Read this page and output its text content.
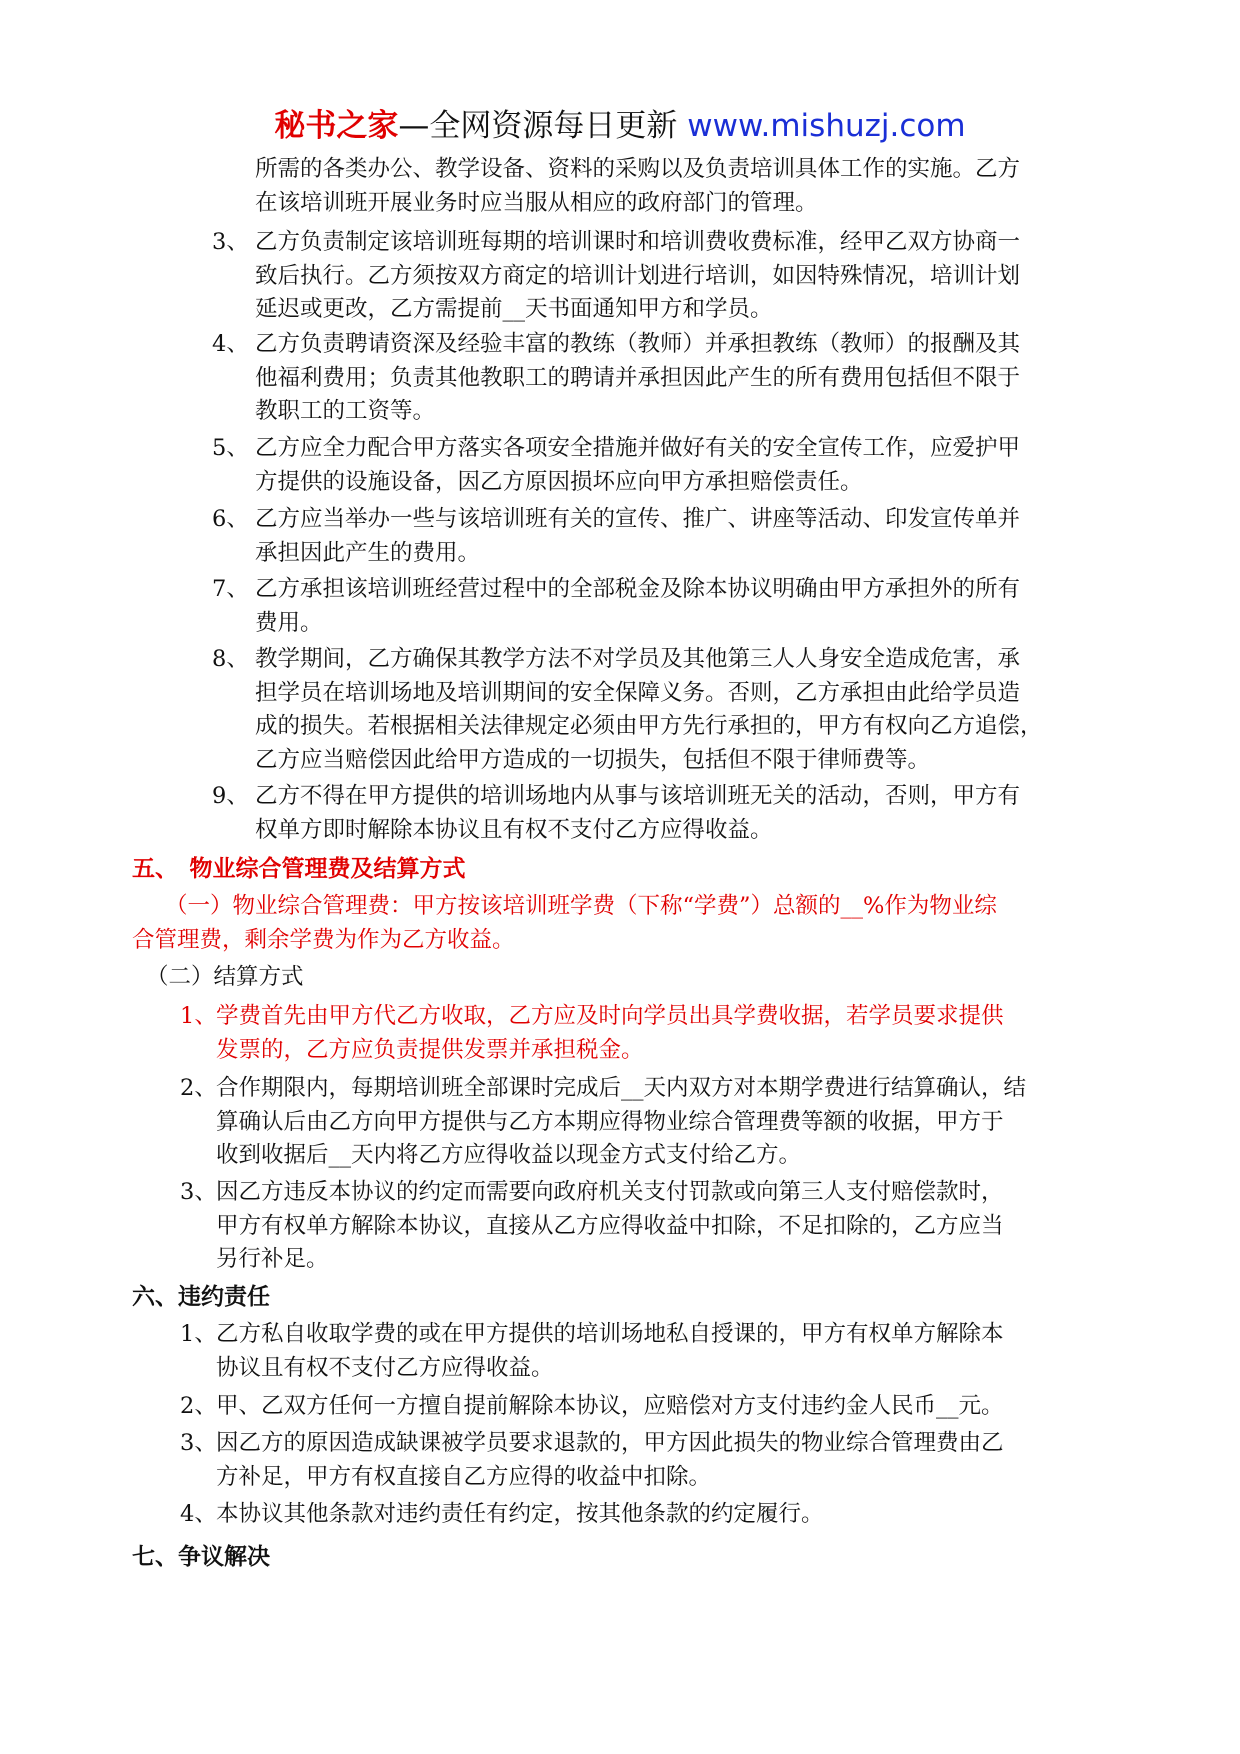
秘书之家—全网资源每日更新 www.mishuzj.com
所需的各类办公、教学设备、资料的采购以及负责培训具体工作的实施。乙方
在该培训班开展业务时应当服从相应的政府部门的管理。
3、 乙方负责制定该培训班每期的培训课时和培训费收费标准，经甲乙双方协商一
致后执行。乙方须按双方商定的培训计划进行培训，如因特殊情况，培训计划
延迟或更改，乙方需提前__天书面通知甲方和学员。
4、 乙方负责聘请资深及经验丰富的教练（教师）并承担教练（教师）的报酬及其
他福利费用；负责其他教职工的聘请并承担因此产生的所有费用包括但不限于
教职工的工资等。
5、 乙方应全力配合甲方落实各项安全措施并做好有关的安全宣传工作，应爱护甲
方提供的设施设备，因乙方原因损坏应向甲方承担赔偿责任。
6、 乙方应当举办一些与该培训班有关的宣传、推广、讲座等活动、印发宣传单并
承担因此产生的费用。
7、 乙方承担该培训班经营过程中的全部税金及除本协议明确由甲方承担外的所有
费用。
8、 教学期间，乙方确保其教学方法不对学员及其他第三人人身安全造成危害，承
担学员在培训场地及培训期间的安全保障义务。否则，乙方承担由此给学员造
成的损失。若根据相关法律规定必须由甲方先行承担的，甲方有权向乙方追偿，
乙方应当赔偿因此给甲方造成的一切损失，包括但不限于律师费等。
9、 乙方不得在甲方提供的培训场地内从事与该培训班无关的活动，否则，甲方有
权单方即时解除本协议且有权不支付乙方应得收益。
五、　物业综合管理费及结算方式
（一）物业综合管理费：甲方按该培训班学费（下称“学费”）总额的__%作为物业综
合管理费，剩余学费为作为乙方收益。
（二）结算方式
1、 学费首先由甲方代乙方收取，乙方应及时向学员出具学费收据，若学员要求提供
发票的，乙方应负责提供发票并承担税金。
2、 合作期限内，每期培训班全部课时完成后__天内双方对本期学费进行结算确认，结
算确认后由乙方向甲方提供与乙方本期应得物业综合管理费等额的收据，甲方于
收到收据后__天内将乙方应得收益以现金方式支付给乙方。
3、 因乙方违反本协议的约定而需要向政府机关支付罚款或向第三人支付赔偿款时，
甲方有权单方解除本协议，直接从乙方应得收益中扣除，不足扣除的，乙方应当
另行补足。
六、违约责任
1、 乙方私自收取学费的或在甲方提供的培训场地私自授课的，甲方有权单方解除本
协议且有权不支付乙方应得收益。
2、 甲、乙双方任何一方擅自提前解除本协议，应赔偿对方支付违约金人民币__元。
3、 因乙方的原因造成缺课被学员要求退款的，甲方因此损失的物业综合管理费由乙
方补足，甲方有权直接自乙方应得的收益中扣除。
4、 本协议其他条款对违约责任有约定，按其他条款的约定履行。
七、争议解决
